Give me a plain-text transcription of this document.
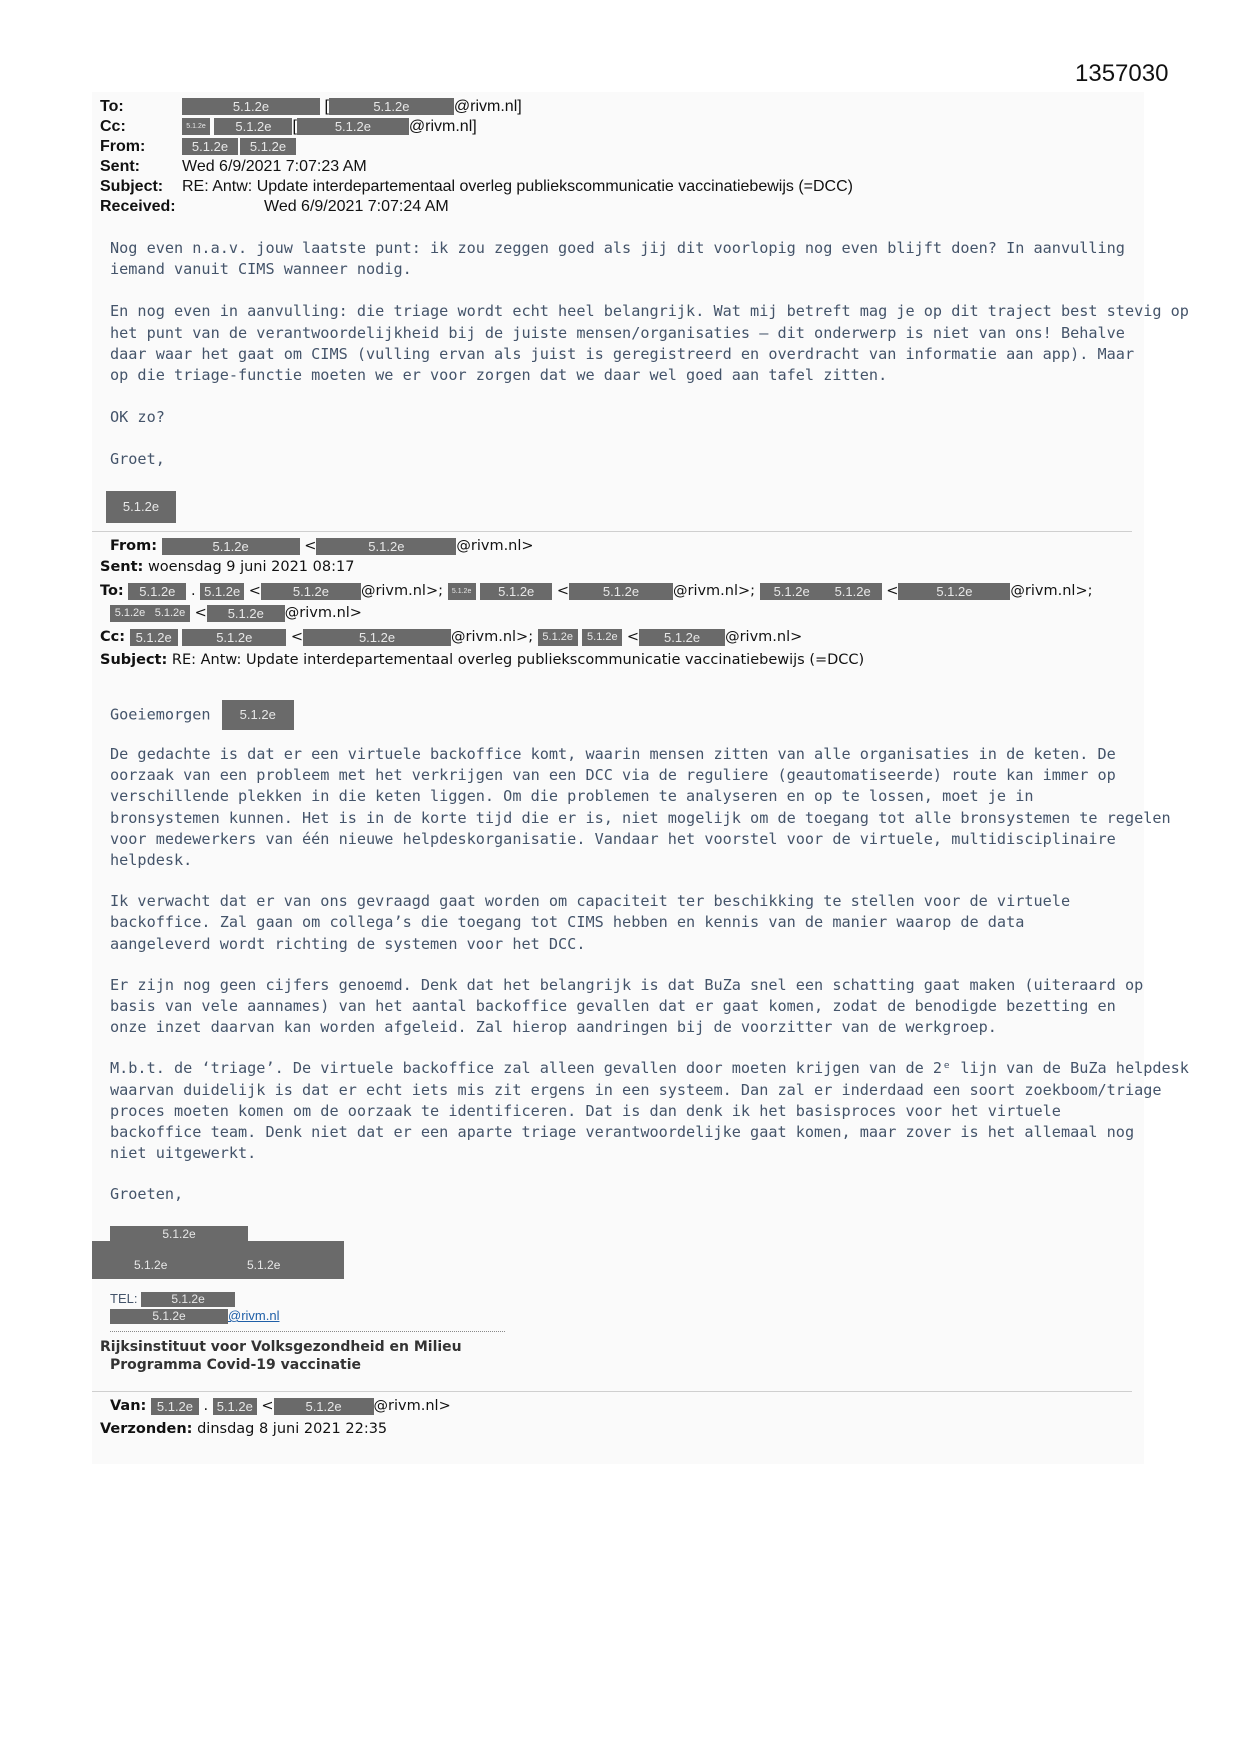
1357030
To:	5.1.2e	[	5.1.2e	@rivm.nl]
Cc:	5.1.2e 5.1.2e [	5.1.2e @rivm.nl]
From:	5.1.2e 5.1.2e
Sent:	Wed 6/9/2021 7:07:23 AM
Subject: RE: Antw: Update interdepartementaal overleg publiekscommunicatie vaccinatiebewijs (=DCC)
Received:	Wed 6/9/2021 7:07:24 AM

Nog even n.a.v. jouw laatste punt: ik zou zeggen goed als jij dit voorlopig nog even blijft doen? In aanvulling
iemand vanuit CIMS wanneer nodig.

En nog even in aanvulling: die triage wordt echt heel belangrijk. Wat mij betreft mag je op dit traject best stevig op
het punt van de verantwoordelijkheid bij de juiste mensen/organisaties – dit onderwerp is niet van ons! Behalve
daar waar het gaat om CIMS (vulling ervan als juist is geregistreerd en overdracht van informatie aan app). Maar
op die triage-functie moeten we er voor zorgen dat we daar wel goed aan tafel zitten.

OK zo?

Groet,

5.1.2e
From:	5.1.2e	<	5.1.2e	@rivm.nl>
Sent: woensdag 9 juni 2021 08:17
To: 5.1.2e . 5.1.2e < 5.1.2e @rivm.nl>; 5.1.2e 5.1.2e <	5.1.2e @rivm.nl>; 5.1.2e 5.1.2e <	5.1.2e	@rivm.nl>;
5.1.2e 5.1.2e < 5.1.2e @rivm.nl>
Cc: 5.1.2e	5.1.2e	<	5.1.2e	@rivm.nl>; 5.1.2e 5.1.2e < 5.1.2e @rivm.nl>
Subject: RE: Antw: Update interdepartementaal overleg publiekscommunicatie vaccinatiebewijs (=DCC)
Goeiemorgen 5.1.2e

De gedachte is dat er een virtuele backoffice komt, waarin mensen zitten van alle organisaties in de keten. De
oorzaak van een probleem met het verkrijgen van een DCC via de reguliere (geautomatiseerde) route kan immer op
verschillende plekken in die keten liggen. Om die problemen te analyseren en op te lossen, moet je in
bronsystemen kunnen. Het is in de korte tijd die er is, niet mogelijk om de toegang tot alle bronsystemen te regelen
voor medewerkers van één nieuwe helpdeskorganisatie. Vandaar het voorstel voor de virtuele, multidisciplinaire
helpdesk.

Ik verwacht dat er van ons gevraagd gaat worden om capaciteit ter beschikking te stellen voor de virtuele
backoffice. Zal gaan om collega’s die toegang tot CIMS hebben en kennis van de manier waarop de data
aangeleverd wordt richting de systemen voor het DCC.

Er zijn nog geen cijfers genoemd. Denk dat het belangrijk is dat BuZa snel een schatting gaat maken (uiteraard op
basis van vele aannames) van het aantal backoffice gevallen dat er gaat komen, zodat de benodigde bezetting en
onze inzet daarvan kan worden afgeleid. Zal hierop aandringen bij de voorzitter van de werkgroep.

M.b.t. de ‘triage’. De virtuele backoffice zal alleen gevallen door moeten krijgen van de 2ᵉ lijn van de BuZa helpdesk
waarvan duidelijk is dat er echt iets mis zit ergens in een systeem. Dan zal er inderdaad een soort zoekboom/triage
proces moeten komen om de oorzaak te identificeren. Dat is dan denk ik het basisproces voor het virtuele
backoffice team. Denk niet dat er een aparte triage verantwoordelijke gaat komen, maar zover is het allemaal nog
niet uitgewerkt.

Groeten,

5.1.2e
5.1.2e	5.1.2e
TEL:	5.1.2e
5.1.2e	@rivm.nl
Rijksinstituut voor Volksgezondheid en Milieu
Programma Covid-19 vaccinatie
Van: 5.1.2e . 5.1.2e < 5.1.2e @rivm.nl>
Verzonden: dinsdag 8 juni 2021 22:35
